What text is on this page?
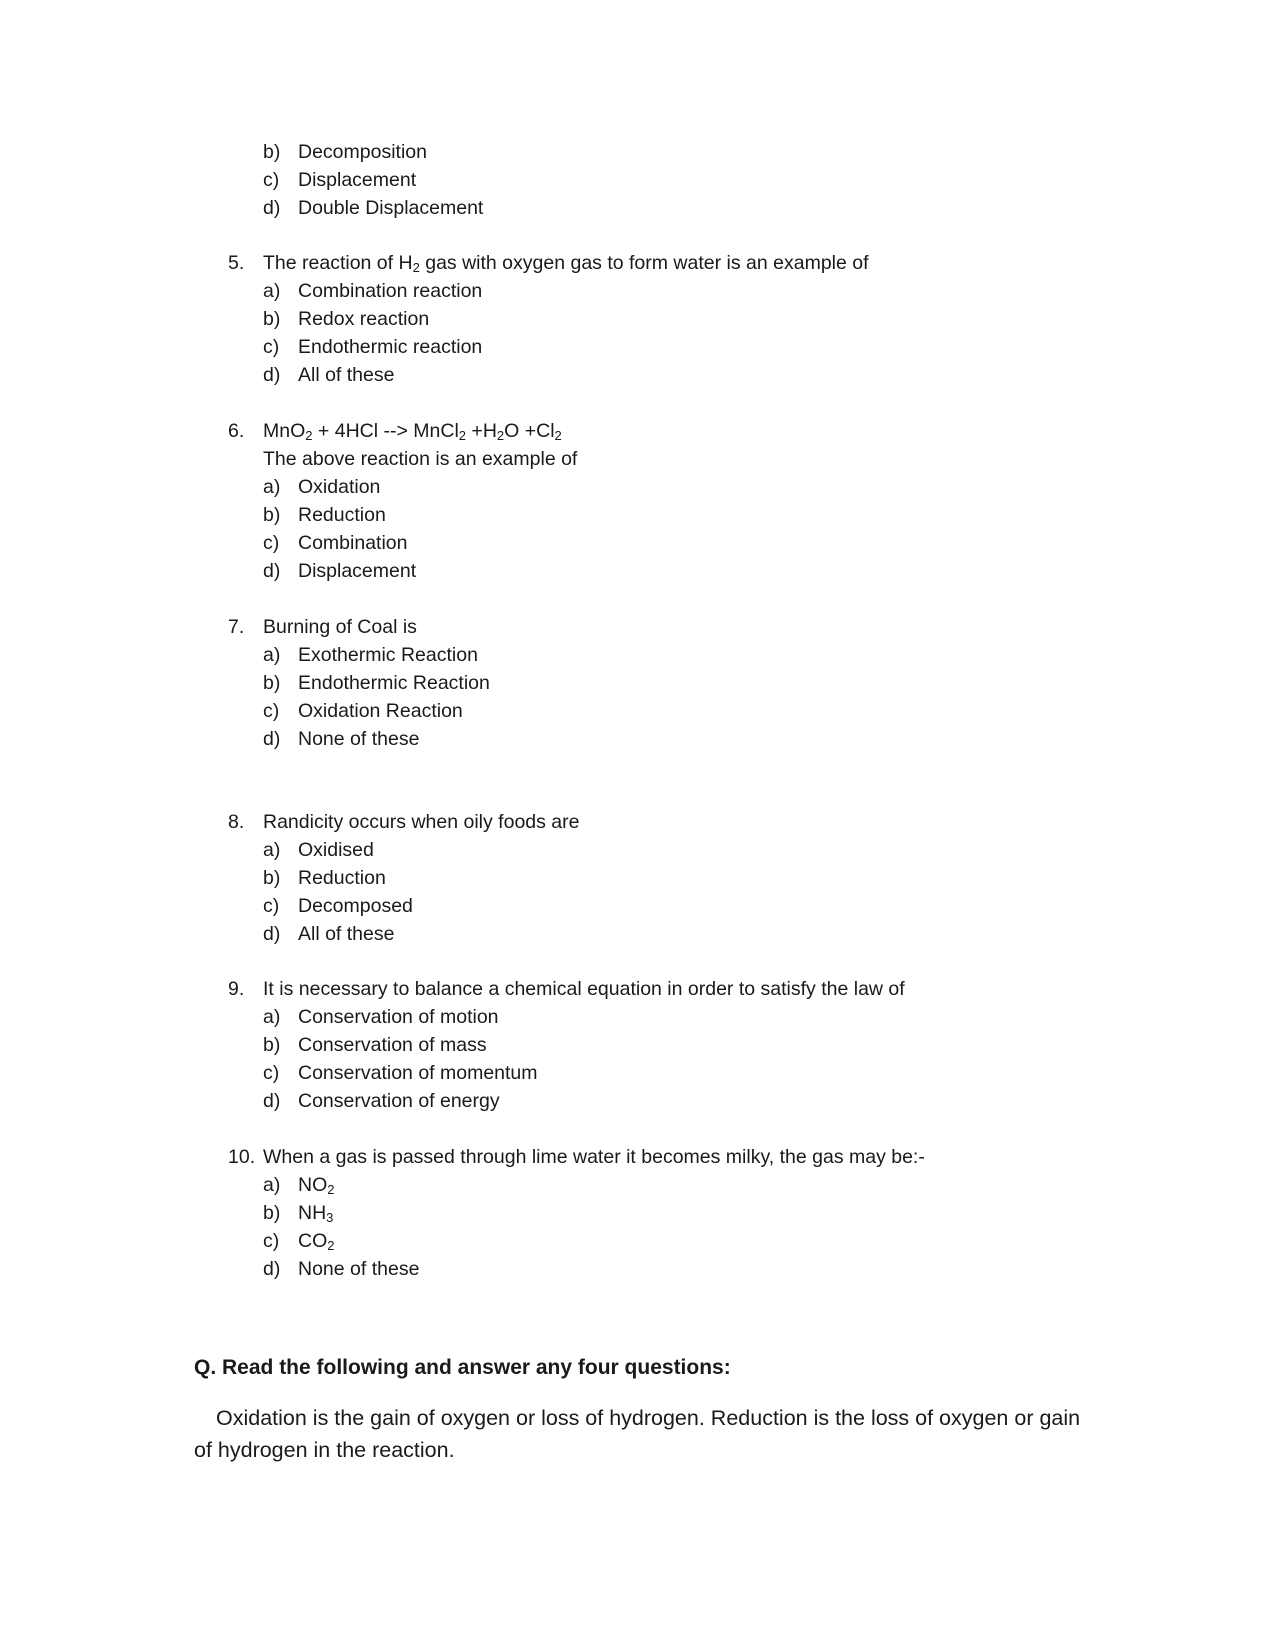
b) Decomposition
c) Displacement
d) Double Displacement
5. The reaction of $H_2$ gas with oxygen gas to form water is an example of
a) Combination reaction
b) Redox reaction
c) Endothermic reaction
d) All of these
6. MnO$_2$ + 4HCl --> MnCl$_2$ $+H_2O +Cl_2$
The above reaction is an example of
a) Oxidation
b) Reduction
c) Combination
d) Displacement
7. Burning of Coal is
a) Exothermic Reaction
b) Endothermic Reaction
c) Oxidation Reaction
d) None of these
8. Randicity occurs when oily foods are
a) Oxidised
b) Reduction
c) Decomposed
d) All of these
9. It is necessary to balance a chemical equation in order to satisfy the law of
a) Conservation of motion
b) Conservation of mass
c) Conservation of momentum
d) Conservation of energy
10. When a gas is passed through lime water it becomes milky, the gas may be:-
a) $NO_2$
b) $NH_3$
c) $CO_2$
d) None of these
Q. Read the following and answer any four questions:
Oxidation is the gain of oxygen or loss of hydrogen. Reduction is the loss of oxygen or gain of hydrogen in the reaction.
